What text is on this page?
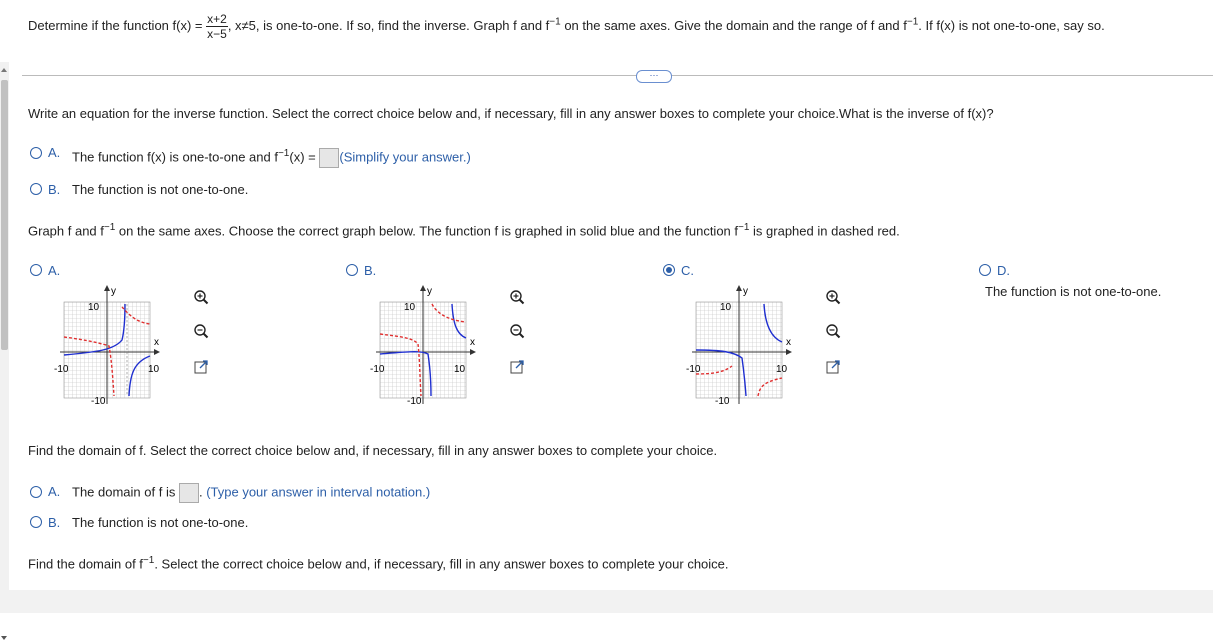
Determine if the function $f(x) = \frac{x+2}{x-5}$ , x≠5, is one-to-one. If so, find the inverse. Graph f and $f^{-1}$ on the same axes. Give the domain and the range of f and $f^{-1}$. If f(x) is not one-to-one, say so.
⋯
Write an equation for the inverse function. Select the correct choice below and, if necessary, fill in any answer boxes to complete your choice.What is the inverse of f(x)?
A. The function f(x) is one-to-one and $f^{-1}(x)$ = (Simplify your answer.)
B. The function is not one-to-one.
Graph f and $f^{-1}$ on the same axes. Choose the correct graph below. The function f is graphed in solid blue and the function $f^{-1}$ is graphed in dashed red.
A.	B.	C.	D.
The function is not one-to-one.
y
x
10
-10	10
-10
y
x
10
-10	10
-10
y
x
10
-10	10
-10
Find the domain of f. Select the correct choice below and, if necessary, fill in any answer boxes to complete your choice.
A. The domain of f is . (Type your answer in interval notation.)
B. The function is not one-to-one.
Find the domain of $f^{-1}$. Select the correct choice below and, if necessary, fill in any answer boxes to complete your choice.
